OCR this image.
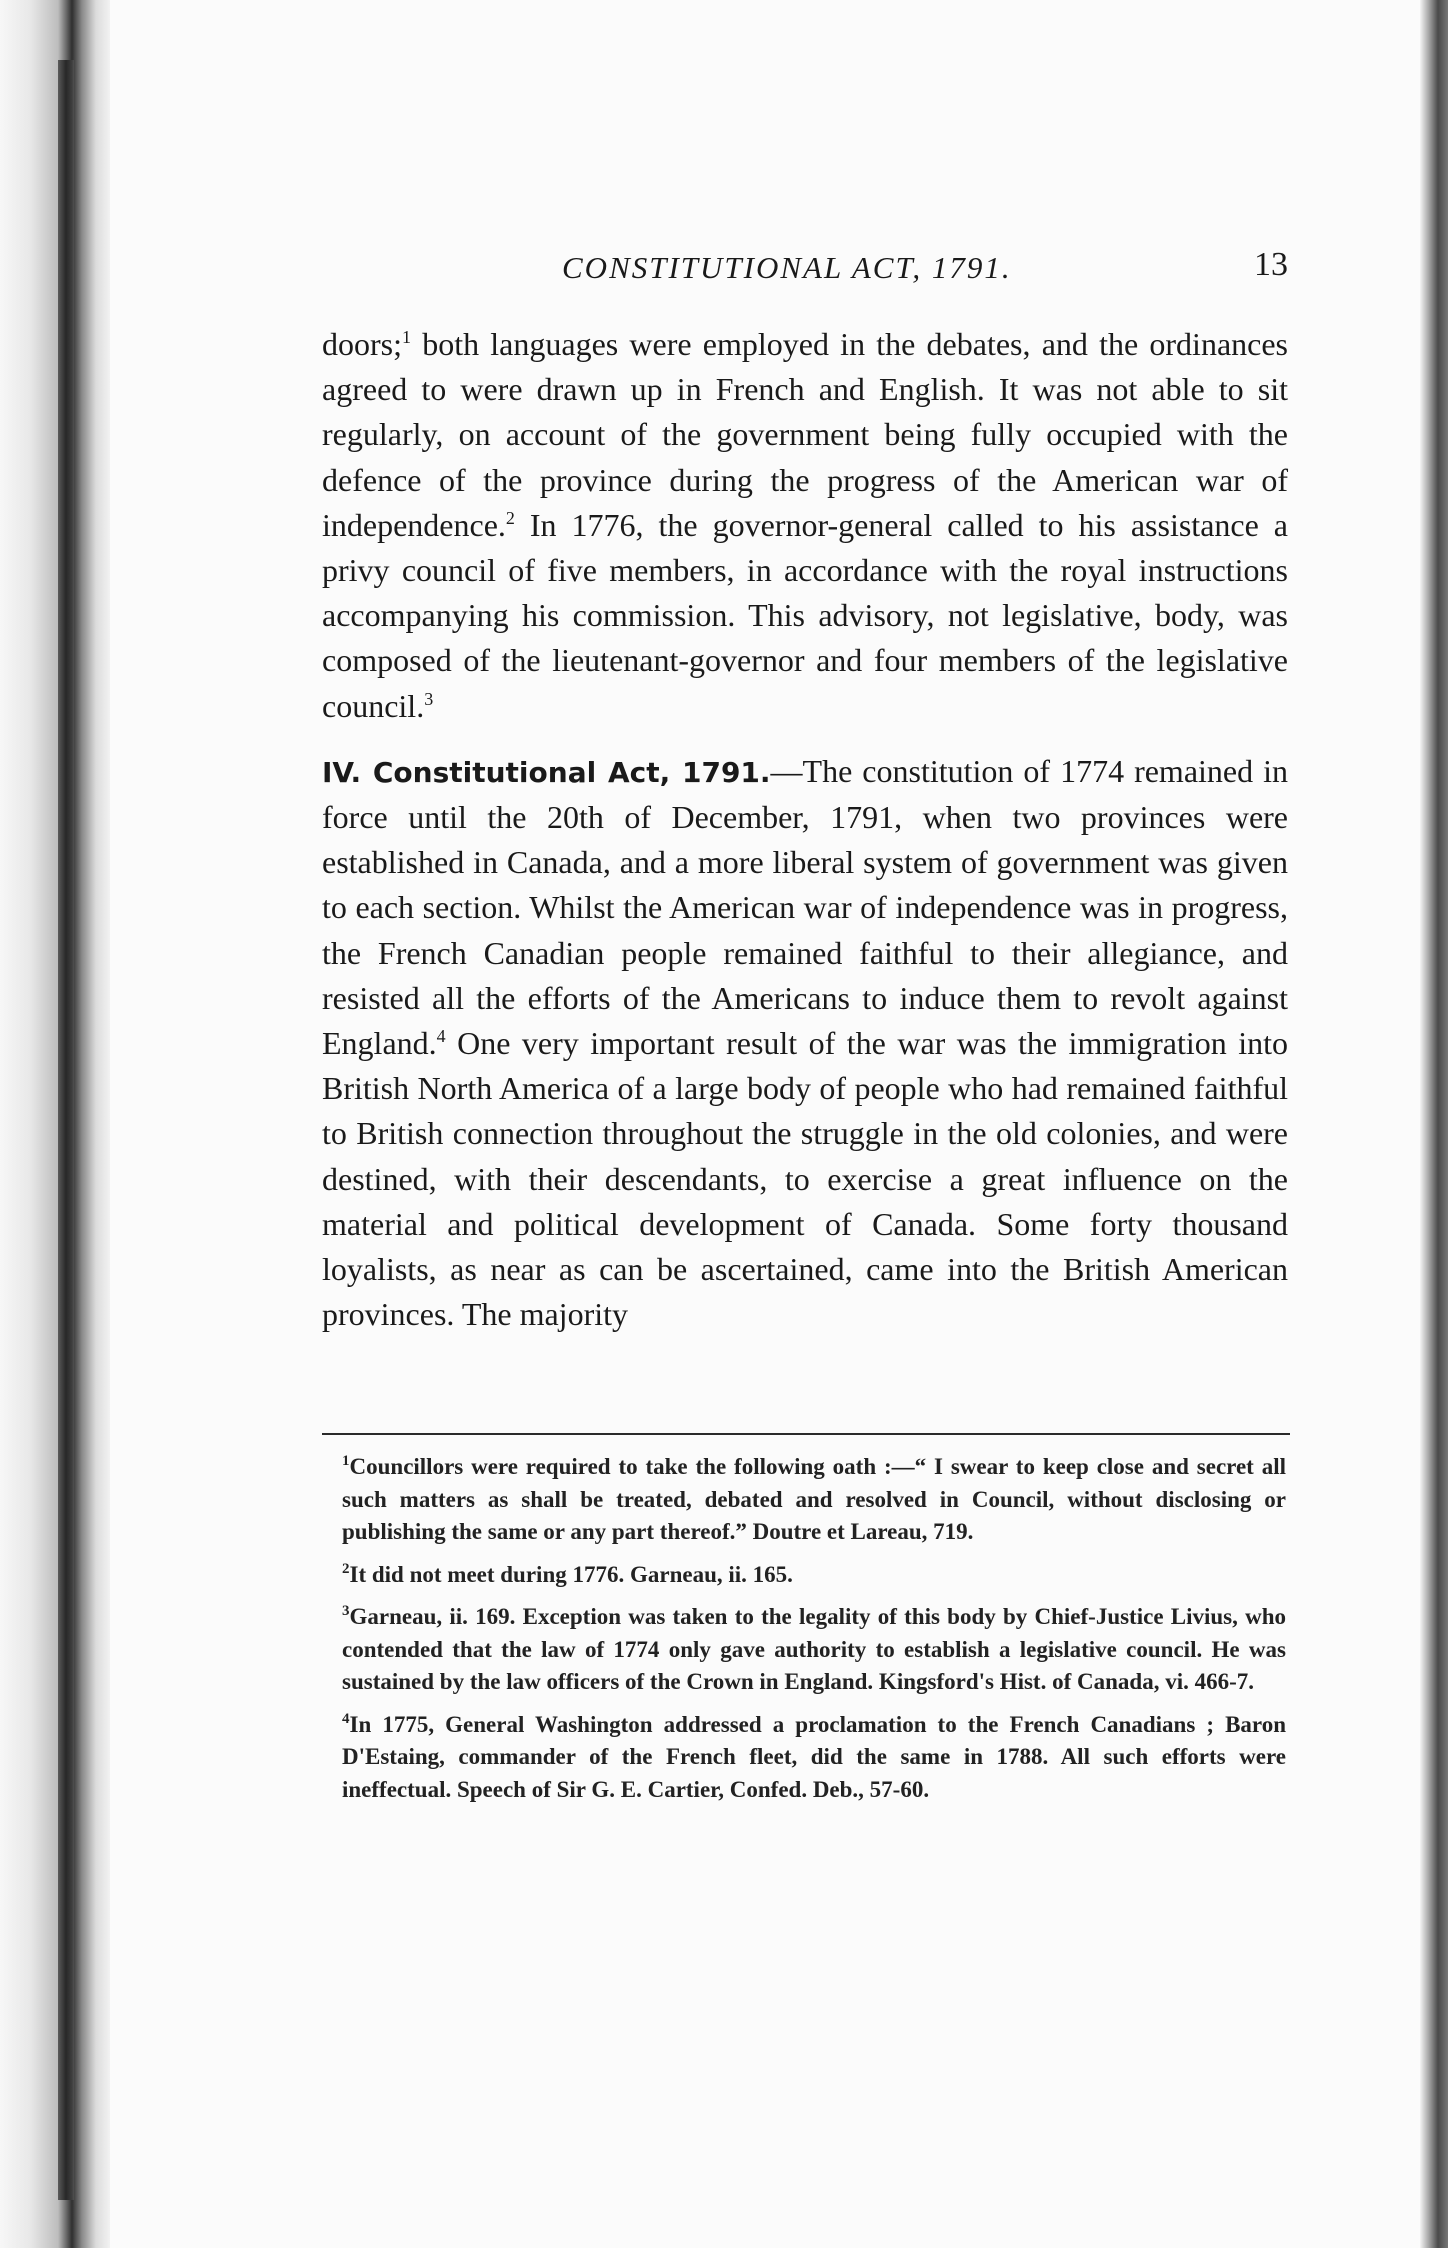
CONSTITUTIONAL ACT, 1791.	13

doors;$^1$ both languages were employed in the debates, and the ordinances agreed to were drawn up in French and English. It was not able to sit regularly, on account of the government being fully occupied with the defence of the province during the progress of the American war of independence.$^2$ In 1776, the governor-general called to his assistance a privy council of five members, in accordance with the royal instructions accompanying his commission. This advisory, not legislative, body, was composed of the lieutenant-governor and four members of the legislative council.$^3$

IV. Constitutional Act, 1791.—The constitution of 1774 remained in force until the 20th of December, 1791, when two provinces were established in Canada, and a more liberal system of government was given to each section. Whilst the American war of independence was in progress, the French Canadian people remained faithful to their allegiance, and resisted all the efforts of the Americans to induce them to revolt against England.$^4$ One very important result of the war was the immigration into British North America of a large body of people who had remained faithful to British connection throughout the struggle in the old colonies, and were destined, with their descendants, to exercise a great influence on the material and political development of Canada. Some forty thousand loyalists, as near as can be ascertained, came into the British American provinces. The majority

$^1$Councillors were required to take the following oath :—“ I swear to keep close and secret all such matters as shall be treated, debated and resolved in Council, without disclosing or publishing the same or any part thereof.” Doutre et Lareau, 719.

$^2$It did not meet during 1776. Garneau, ii. 165.

$^3$Garneau, ii. 169. Exception was taken to the legality of this body by Chief-Justice Livius, who contended that the law of 1774 only gave authority to establish a legislative council. He was sustained by the law officers of the Crown in England. Kingsford's Hist. of Canada, vi. 466-7.

$^4$In 1775, General Washington addressed a proclamation to the French Canadians ; Baron D'Estaing, commander of the French fleet, did the same in 1788. All such efforts were ineffectual. Speech of Sir G. E. Cartier, Confed. Deb., 57-60.
